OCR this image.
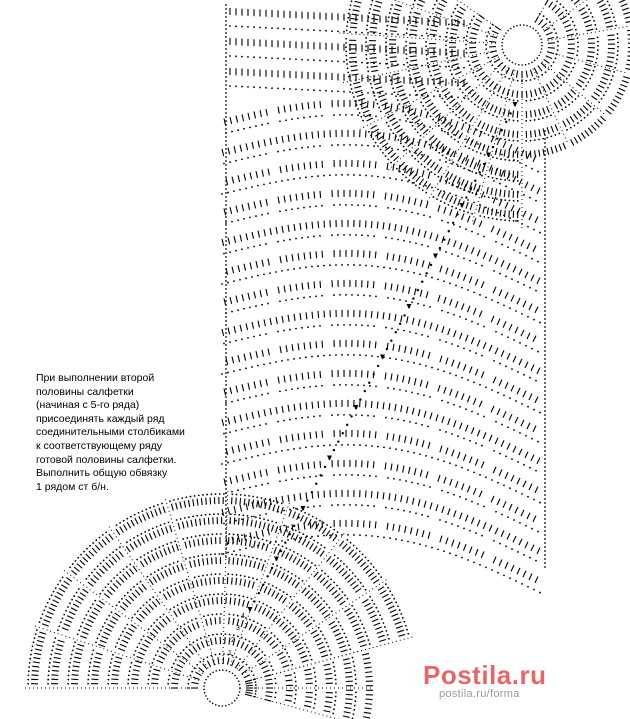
1
2
3
4
При выполнении второй
половины салфетки
(начиная с 5-го ряда)
присоединять каждый ряд
соединительными столбиками
к соответствующему ряду
готовой половины салфетки.
Выполнить общую обвязку
1 рядом ст б/н.
Postila.ru
postila.ru/forma
